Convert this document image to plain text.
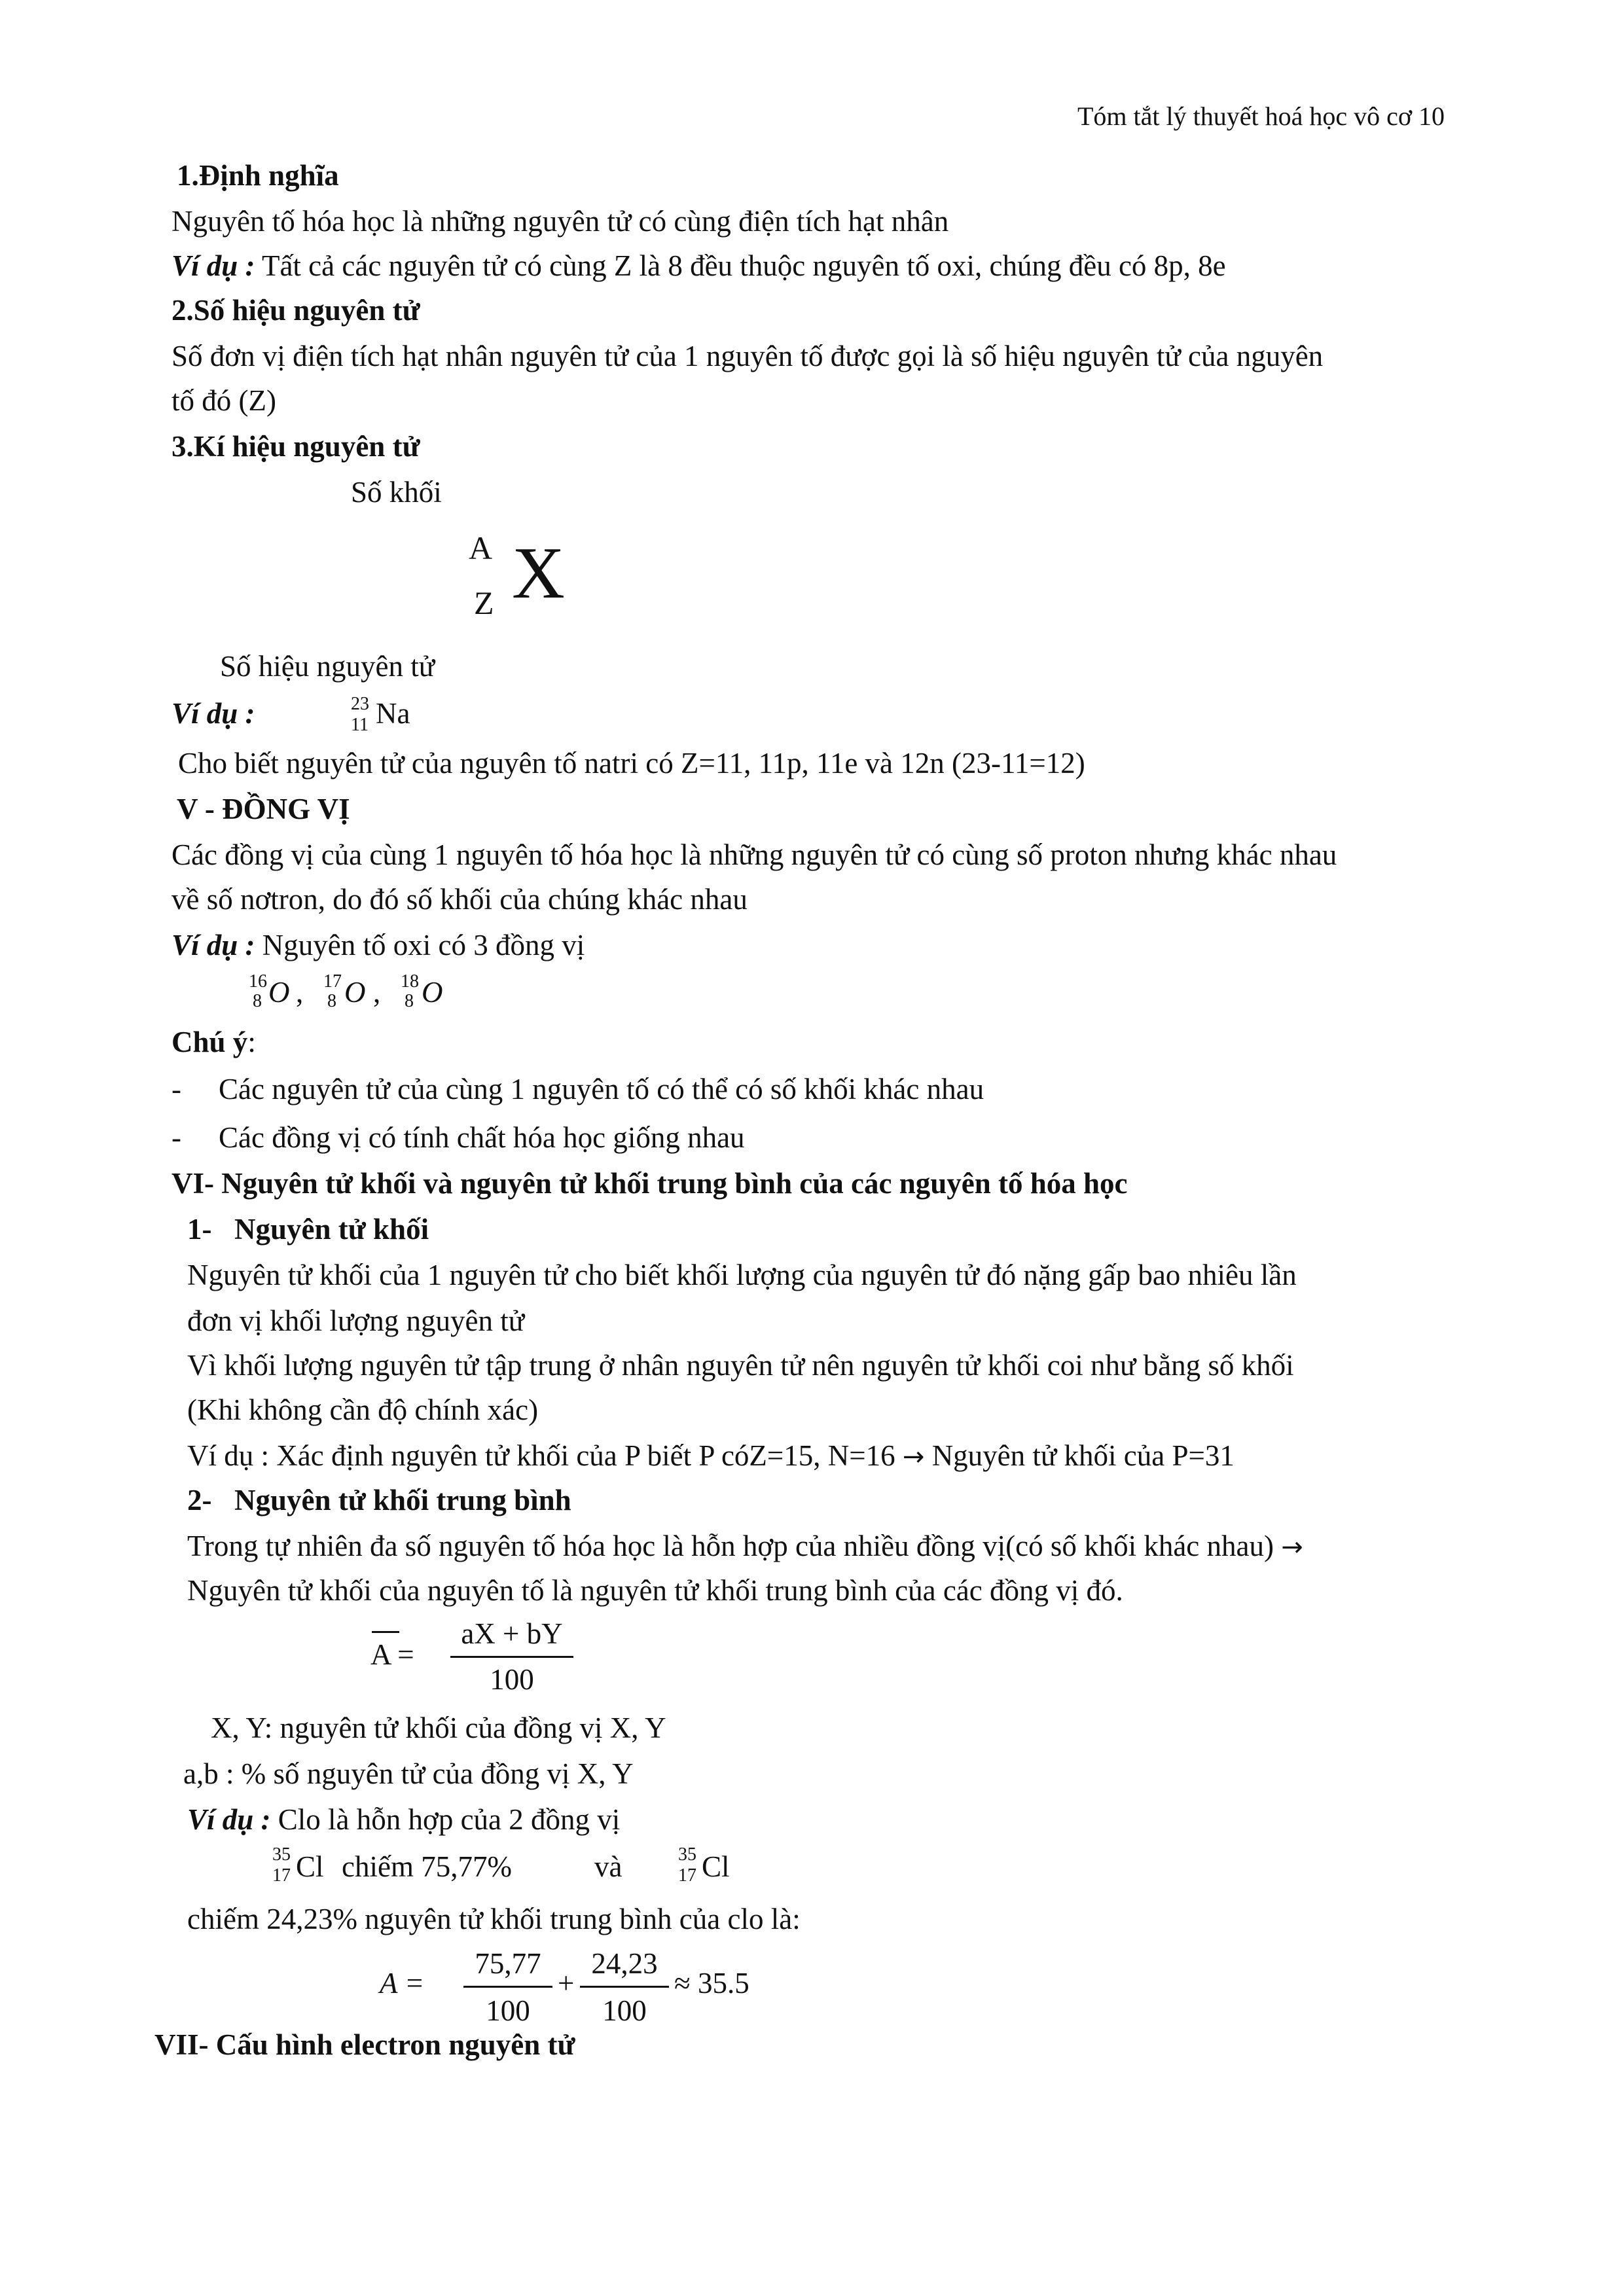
Tóm tắt lý thuyết hoá học vô cơ 10
1.Định nghĩa
Nguyên tố hóa học là những nguyên tử có cùng điện tích hạt nhân
Ví dụ : Tất cả các nguyên tử có cùng Z là 8 đều thuộc nguyên tố oxi, chúng đều có 8p, 8e
2.Số hiệu nguyên tử
Số đơn vị điện tích hạt nhân nguyên tử của 1 nguyên tố được gọi là số hiệu nguyên tử của nguyên
tố đó (Z)
3.Kí hiệu nguyên tử
Số khối
A
Z X
Số hiệu nguyên tử
Ví dụ :	23
11 Na
Cho biết nguyên tử của nguyên tố natri có Z=11, 11p, 11e và 12n (23-11=12)
V - ĐỒNG VỊ
Các đồng vị của cùng 1 nguyên tố hóa học là những nguyên tử có cùng số proton nhưng khác nhau
về số nơtron, do đó số khối của chúng khác nhau
Ví dụ : Nguyên tố oxi có 3 đồng vị
16
8 O , 17
8 O , 18
8 O
Chú ý:
- Các nguyên tử của cùng 1 nguyên tố có thể có số khối khác nhau
- Các đồng vị có tính chất hóa học giống nhau
VI- Nguyên tử khối và nguyên tử khối trung bình của các nguyên tố hóa học
1- Nguyên tử khối
Nguyên tử khối của 1 nguyên tử cho biết khối lượng của nguyên tử đó nặng gấp bao nhiêu lần
đơn vị khối lượng nguyên tử
Vì khối lượng nguyên tử tập trung ở nhân nguyên tử nên nguyên tử khối coi như bằng số khối
(Khi không cần độ chính xác)
Ví dụ : Xác định nguyên tử khối của P biết P cóZ=15, N=16 → Nguyên tử khối của P=31
2- Nguyên tử khối trung bình
Trong tự nhiên đa số nguyên tố hóa học là hỗn hợp của nhiều đồng vị(có số khối khác nhau) →
Nguyên tử khối của nguyên tố là nguyên tử khối trung bình của các đồng vị đó.
A =
aX + bY
100
X, Y: nguyên tử khối của đồng vị X, Y
a,b : % số nguyên tử của đồng vị X, Y
Ví dụ : Clo là hỗn hợp của 2 đồng vị
35
17 Cl chiếm 75,77%	và	35
17 Cl
chiếm 24,23% nguyên tử khối trung bình của clo là:
A =
75,77
100
+
24,23
100
≈ 35.5
VII- Cấu hình electron nguyên tử
